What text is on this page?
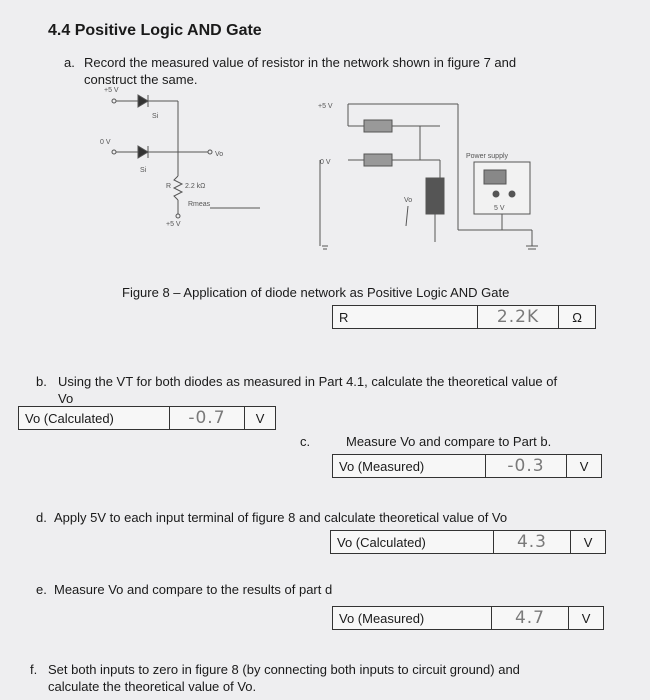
4.4 Positive Logic AND Gate
a. Record the measured value of resistor in the network shown in figure 7 and
construct the same.
+5 V
Si
0 V
Si
Vo
R 2.2 kΩ
Rmeas
+5 V
+5 V
0 V
Power supply
5 V
Vo
Figure 8 – Application of diode network as Positive Logic AND Gate
R	2.2K	Ω
b. Using the VT for both diodes as measured in Part 4.1, calculate the theoretical value of
Vo
Vo (Calculated)	-0.7	V
c.	Measure Vo and compare to Part b.
Vo (Measured)	-0.3	V
d. Apply 5V to each input terminal of figure 8 and calculate theoretical value of Vo
Vo (Calculated)	4.3	V
e. Measure Vo and compare to the results of part d
Vo (Measured)	4.7	V
f. Set both inputs to zero in figure 8 (by connecting both inputs to circuit ground) and
calculate the theoretical value of Vo.
